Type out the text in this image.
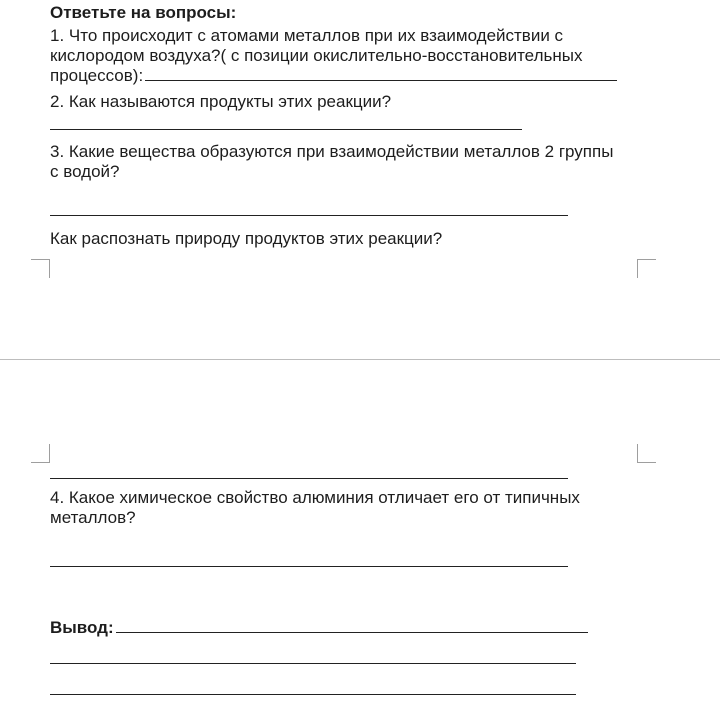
Ответьте на вопросы:

1. Что происходит с атомами металлов при их взаимодействии с

кислородом воздуха?( с позиции окислительно-восстановительных

процессов):

2. Как называются продукты этих реакции?

3. Какие вещества образуются при взаимодействии металлов 2 группы

с водой?

Как распознать природу продуктов этих реакции?

4. Какое химическое свойство алюминия отличает его от типичных

металлов?

Вывод:
